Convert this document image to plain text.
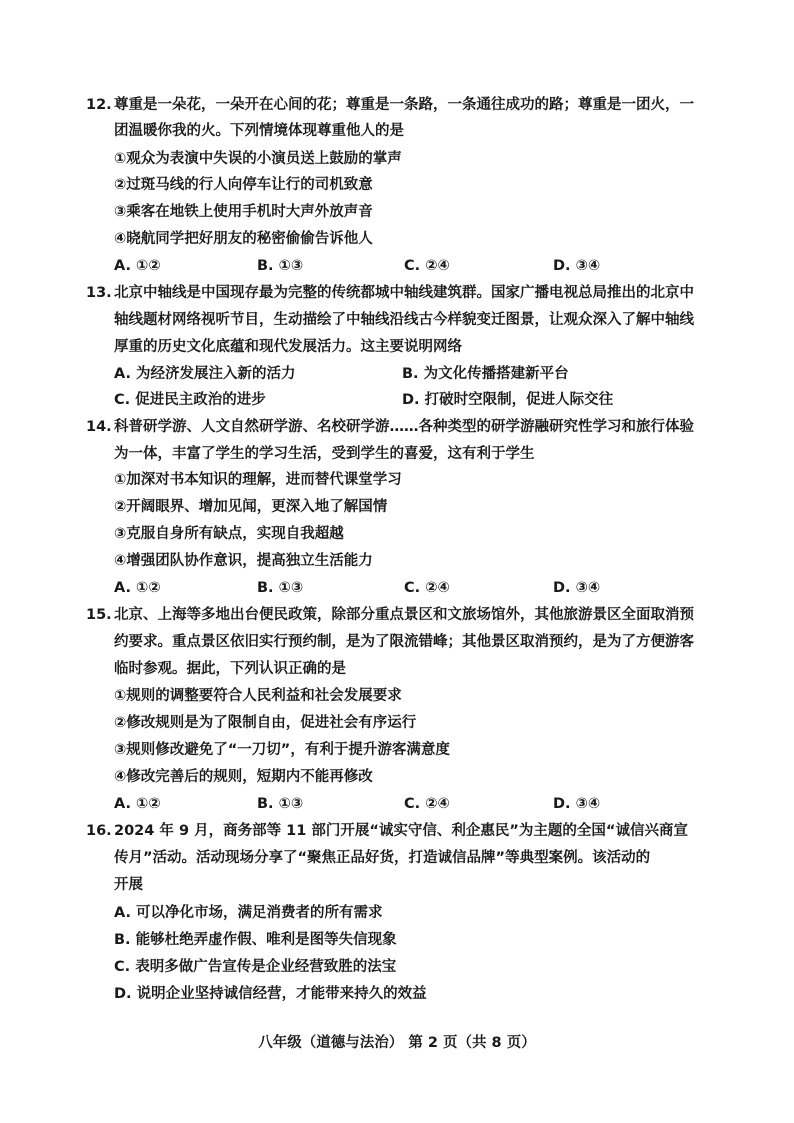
12. 尊重是一朵花，一朵开在心间的花；尊重是一条路，一条通往成功的路；尊重是一团火，一
团温暖你我的火。下列情境体现尊重他人的是
①观众为表演中失误的小演员送上鼓励的掌声
②过斑马线的行人向停车让行的司机致意
③乘客在地铁上使用手机时大声外放声音
④晓航同学把好朋友的秘密偷偷告诉他人
A. ①②	B. ①③	C. ②④	D. ③④
13. 北京中轴线是中国现存最为完整的传统都城中轴线建筑群。国家广播电视总局推出的北京中
轴线题材网络视听节目，生动描绘了中轴线沿线古今样貌变迁图景，让观众深入了解中轴线
厚重的历史文化底蕴和现代发展活力。这主要说明网络
A. 为经济发展注入新的活力	B. 为文化传播搭建新平台
C. 促进民主政治的进步	D. 打破时空限制，促进人际交往
14. 科普研学游、人文自然研学游、名校研学游……各种类型的研学游融研究性学习和旅行体验
为一体，丰富了学生的学习生活，受到学生的喜爱，这有利于学生
①加深对书本知识的理解，进而替代课堂学习
②开阔眼界、增加见闻，更深入地了解国情
③克服自身所有缺点，实现自我超越
④增强团队协作意识，提高独立生活能力
A. ①②	B. ①③	C. ②④	D. ③④
15. 北京、上海等多地出台便民政策，除部分重点景区和文旅场馆外，其他旅游景区全面取消预
约要求。重点景区依旧实行预约制，是为了限流错峰；其他景区取消预约，是为了方便游客
临时参观。据此，下列认识正确的是
①规则的调整要符合人民利益和社会发展要求
②修改规则是为了限制自由，促进社会有序运行
③规则修改避免了“一刀切”，有利于提升游客满意度
④修改完善后的规则，短期内不能再修改
A. ①②	B. ①③	C. ②④	D. ③④
16. 2024 年 9 月，商务部等 11 部门开展“诚实守信、利企惠民”为主题的全国“诚信兴商宣
传月”活动。活动现场分享了“聚焦正品好货，打造诚信品牌”等典型案例。该活动的
开展
A. 可以净化市场，满足消费者的所有需求
B. 能够杜绝弄虚作假、唯利是图等失信现象
C. 表明多做广告宣传是企业经营致胜的法宝
D. 说明企业坚持诚信经营，才能带来持久的效益
八年级（道德与法治） 第 2 页（共 8 页）
